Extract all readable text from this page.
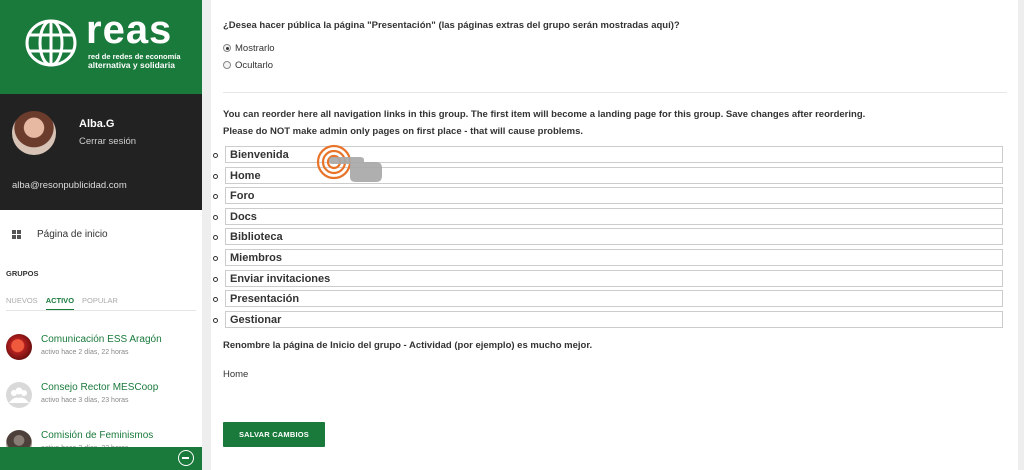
reas
red de redes de economía
alternativa y solidaria
Alba.G
Cerrar sesión
alba@resonpublicidad.com
Página de inicio
GRUPOS
NUEVOS ACTIVO POPULAR
Comunicación ESS Aragón
activo hace 2 días, 22 horas
Consejo Rector MESCoop
activo hace 3 días, 23 horas
Comisión de Feminismos
¿Desea hacer pública la página "Presentación" (las páginas extras del grupo serán mostradas aquí)?
Mostrarlo
Ocultarlo
You can reorder here all navigation links in this group. The first item will become a landing page for this group. Save changes after reordering.
Please do NOT make admin only pages on first place - that will cause problems.
Bienvenida
Home
Foro
Docs
Biblioteca
Miembros
Enviar invitaciones
Presentación
Gestionar
Renombre la página de Inicio del grupo - Actividad (por ejemplo) es mucho mejor.
Home
SALVAR CAMBIOS
